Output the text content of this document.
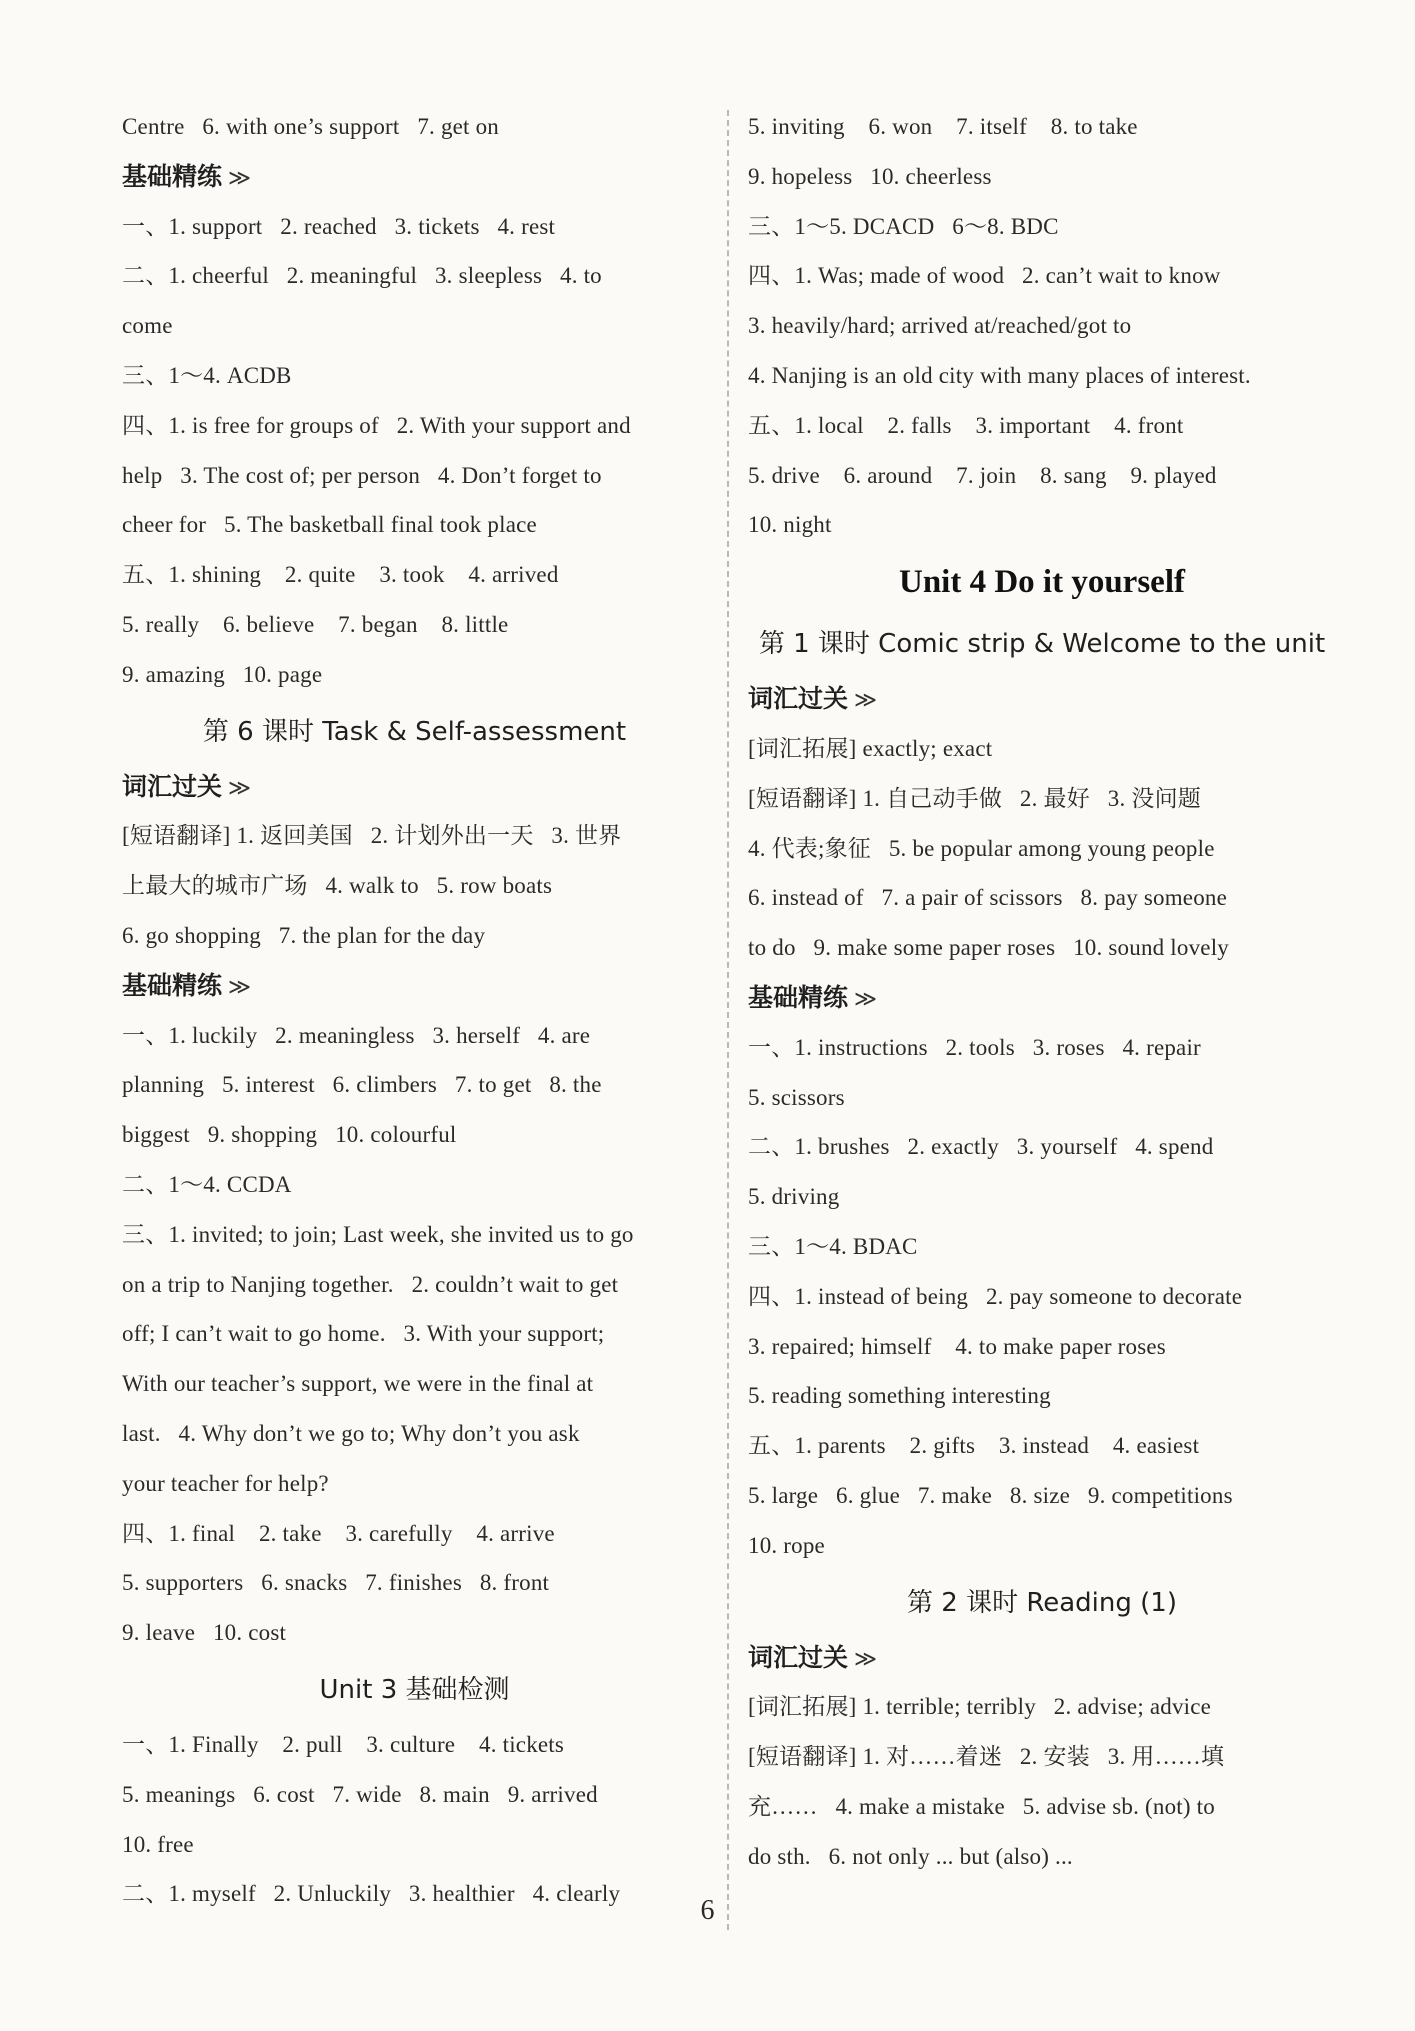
Centre   6. with one’s support   7. get on
基础精练 ≫
一、1. support   2. reached   3. tickets   4. rest
二、1. cheerful   2. meaningful   3. sleepless   4. to
come
三、1～4. ACDB
四、1. is free for groups of   2. With your support and
help   3. The cost of; per person   4. Don’t forget to
cheer for   5. The basketball final took place
五、1. shining    2. quite    3. took    4. arrived
5. really    6. believe    7. began    8. little
9. amazing   10. page
第 6 课时 Task & Self-assessment
词汇过关 ≫
[短语翻译] 1. 返回美国   2. 计划外出一天   3. 世界
上最大的城市广场   4. walk to   5. row boats
6. go shopping   7. the plan for the day
基础精练 ≫
一、1. luckily   2. meaningless   3. herself   4. are
planning   5. interest   6. climbers   7. to get   8. the
biggest   9. shopping   10. colourful
二、1～4. CCDA
三、1. invited; to join; Last week, she invited us to go
on a trip to Nanjing together.   2. couldn’t wait to get
off; I can’t wait to go home.   3. With your support;
With our teacher’s support, we were in the final at
last.   4. Why don’t we go to; Why don’t you ask
your teacher for help?
四、1. final    2. take    3. carefully    4. arrive
5. supporters   6. snacks   7. finishes   8. front
9. leave   10. cost
Unit 3 基础检测
一、1. Finally    2. pull    3. culture    4. tickets
5. meanings   6. cost   7. wide   8. main   9. arrived
10. free
二、1. myself   2. Unluckily   3. healthier   4. clearly
5. inviting    6. won    7. itself    8. to take
9. hopeless   10. cheerless
三、1～5. DCACD   6～8. BDC
四、1. Was; made of wood   2. can’t wait to know
3. heavily/hard; arrived at/reached/got to
4. Nanjing is an old city with many places of interest.
五、1. local    2. falls    3. important    4. front
5. drive    6. around    7. join    8. sang    9. played
10. night
Unit 4 Do it yourself
第 1 课时 Comic strip & Welcome to the unit
词汇过关 ≫
[词汇拓展] exactly; exact
[短语翻译] 1. 自己动手做   2. 最好   3. 没问题
4. 代表;象征   5. be popular among young people
6. instead of   7. a pair of scissors   8. pay someone
to do   9. make some paper roses   10. sound lovely
基础精练 ≫
一、1. instructions   2. tools   3. roses   4. repair
5. scissors
二、1. brushes   2. exactly   3. yourself   4. spend
5. driving
三、1～4. BDAC
四、1. instead of being   2. pay someone to decorate
3. repaired; himself    4. to make paper roses
5. reading something interesting
五、1. parents    2. gifts    3. instead    4. easiest
5. large   6. glue   7. make   8. size   9. competitions
10. rope
第 2 课时 Reading (1)
词汇过关 ≫
[词汇拓展] 1. terrible; terribly   2. advise; advice
[短语翻译] 1. 对……着迷   2. 安装   3. 用……填
充……   4. make a mistake   5. advise sb. (not) to
do sth.   6. not only ... but (also) ...
6
